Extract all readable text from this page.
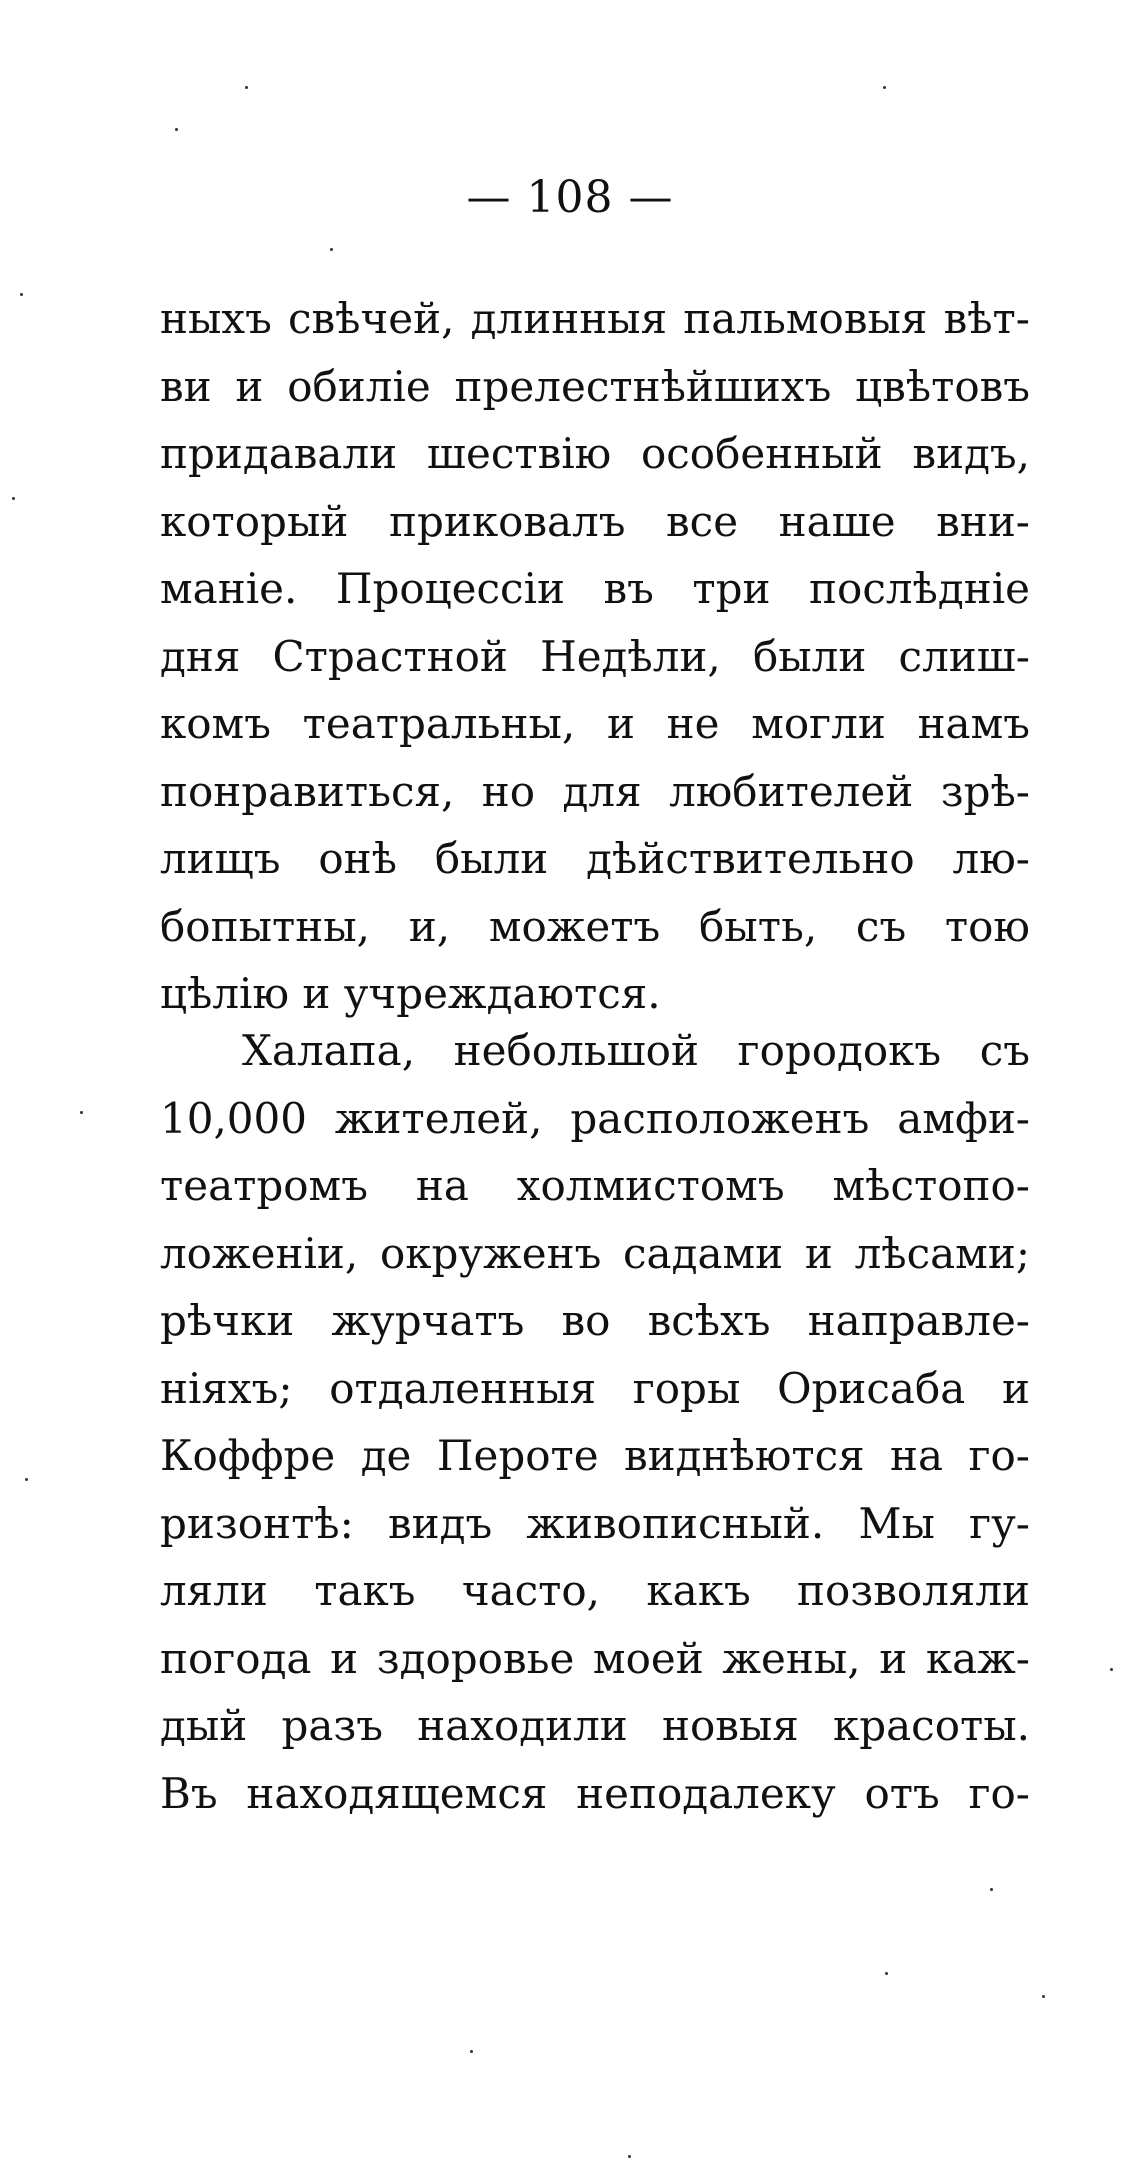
— 108 —
ныхъ свѣчей, длинныя пальмовыя вѣт-
ви и обиліе прелестнѣйшихъ цвѣтовъ
придавали шествію особенный видъ,
который приковалъ все наше вни-
маніе. Процессіи въ три послѣдніе
дня Страстной Недѣли, были слиш-
комъ театральны, и не могли намъ
понравиться, но для любителей зрѣ-
лищъ онѣ были дѣйствительно лю-
бопытны, и, можетъ быть, съ тою
цѣлію и учреждаются.
Халапа, небольшой городокъ съ
10,000 жителей, расположенъ амфи-
театромъ на холмистомъ мѣстопо-
ложеніи, окруженъ садами и лѣсами;
рѣчки журчатъ во всѣхъ направле-
ніяхъ; отдаленныя горы Орисаба и
Коффре де Пероте виднѣются на го-
ризонтѣ: видъ живописный. Мы гу-
ляли такъ часто, какъ позволяли
погода и здоровье моей жены, и каж-
дый разъ находили новыя красоты.
Въ находящемся неподалеку отъ го-
